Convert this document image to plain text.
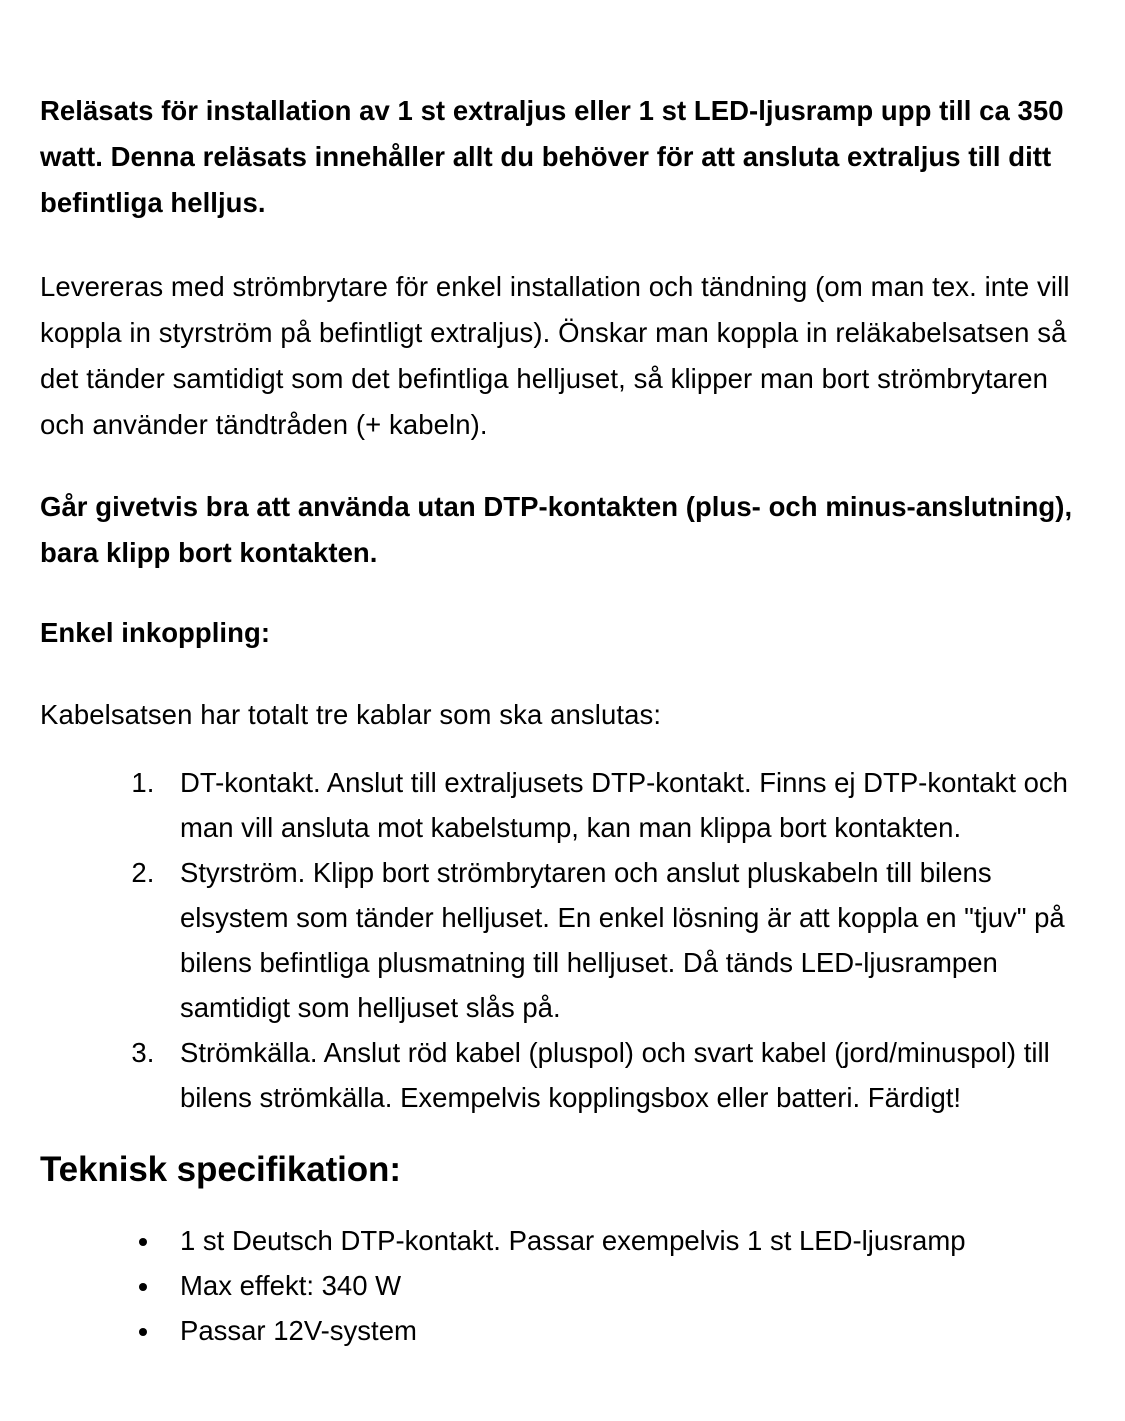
Reläsats för installation av 1 st extraljus eller 1 st LED-ljusramp upp till ca 350 watt. Denna reläsats innehåller allt du behöver för att ansluta extraljus till ditt befintliga helljus.

Levereras med strömbrytare för enkel installation och tändning (om man tex. inte vill koppla in styrström på befintligt extraljus). Önskar man koppla in reläkabelsatsen så det tänder samtidigt som det befintliga helljuset, så klipper man bort strömbrytaren och använder tändtråden (+ kabeln).

Går givetvis bra att använda utan DTP-kontakten (plus- och minus-anslutning), bara klipp bort kontakten.

Enkel inkoppling:

Kabelsatsen har totalt tre kablar som ska anslutas:

1. DT-kontakt. Anslut till extraljusets DTP-kontakt. Finns ej DTP-kontakt och man vill ansluta mot kabelstump, kan man klippa bort kontakten.
2. Styrström. Klipp bort strömbrytaren och anslut pluskabeln till bilens elsystem som tänder helljuset. En enkel lösning är att koppla en "tjuv" på bilens befintliga plusmatning till helljuset. Då tänds LED-ljusrampen samtidigt som helljuset slås på.
3. Strömkälla. Anslut röd kabel (pluspol) och svart kabel (jord/minuspol) till bilens strömkälla. Exempelvis kopplingsbox eller batteri. Färdigt!
Teknisk specifikation:
• 1 st Deutsch DTP-kontakt. Passar exempelvis 1 st LED-ljusramp
• Max effekt: 340 W
• Passar 12V-system
